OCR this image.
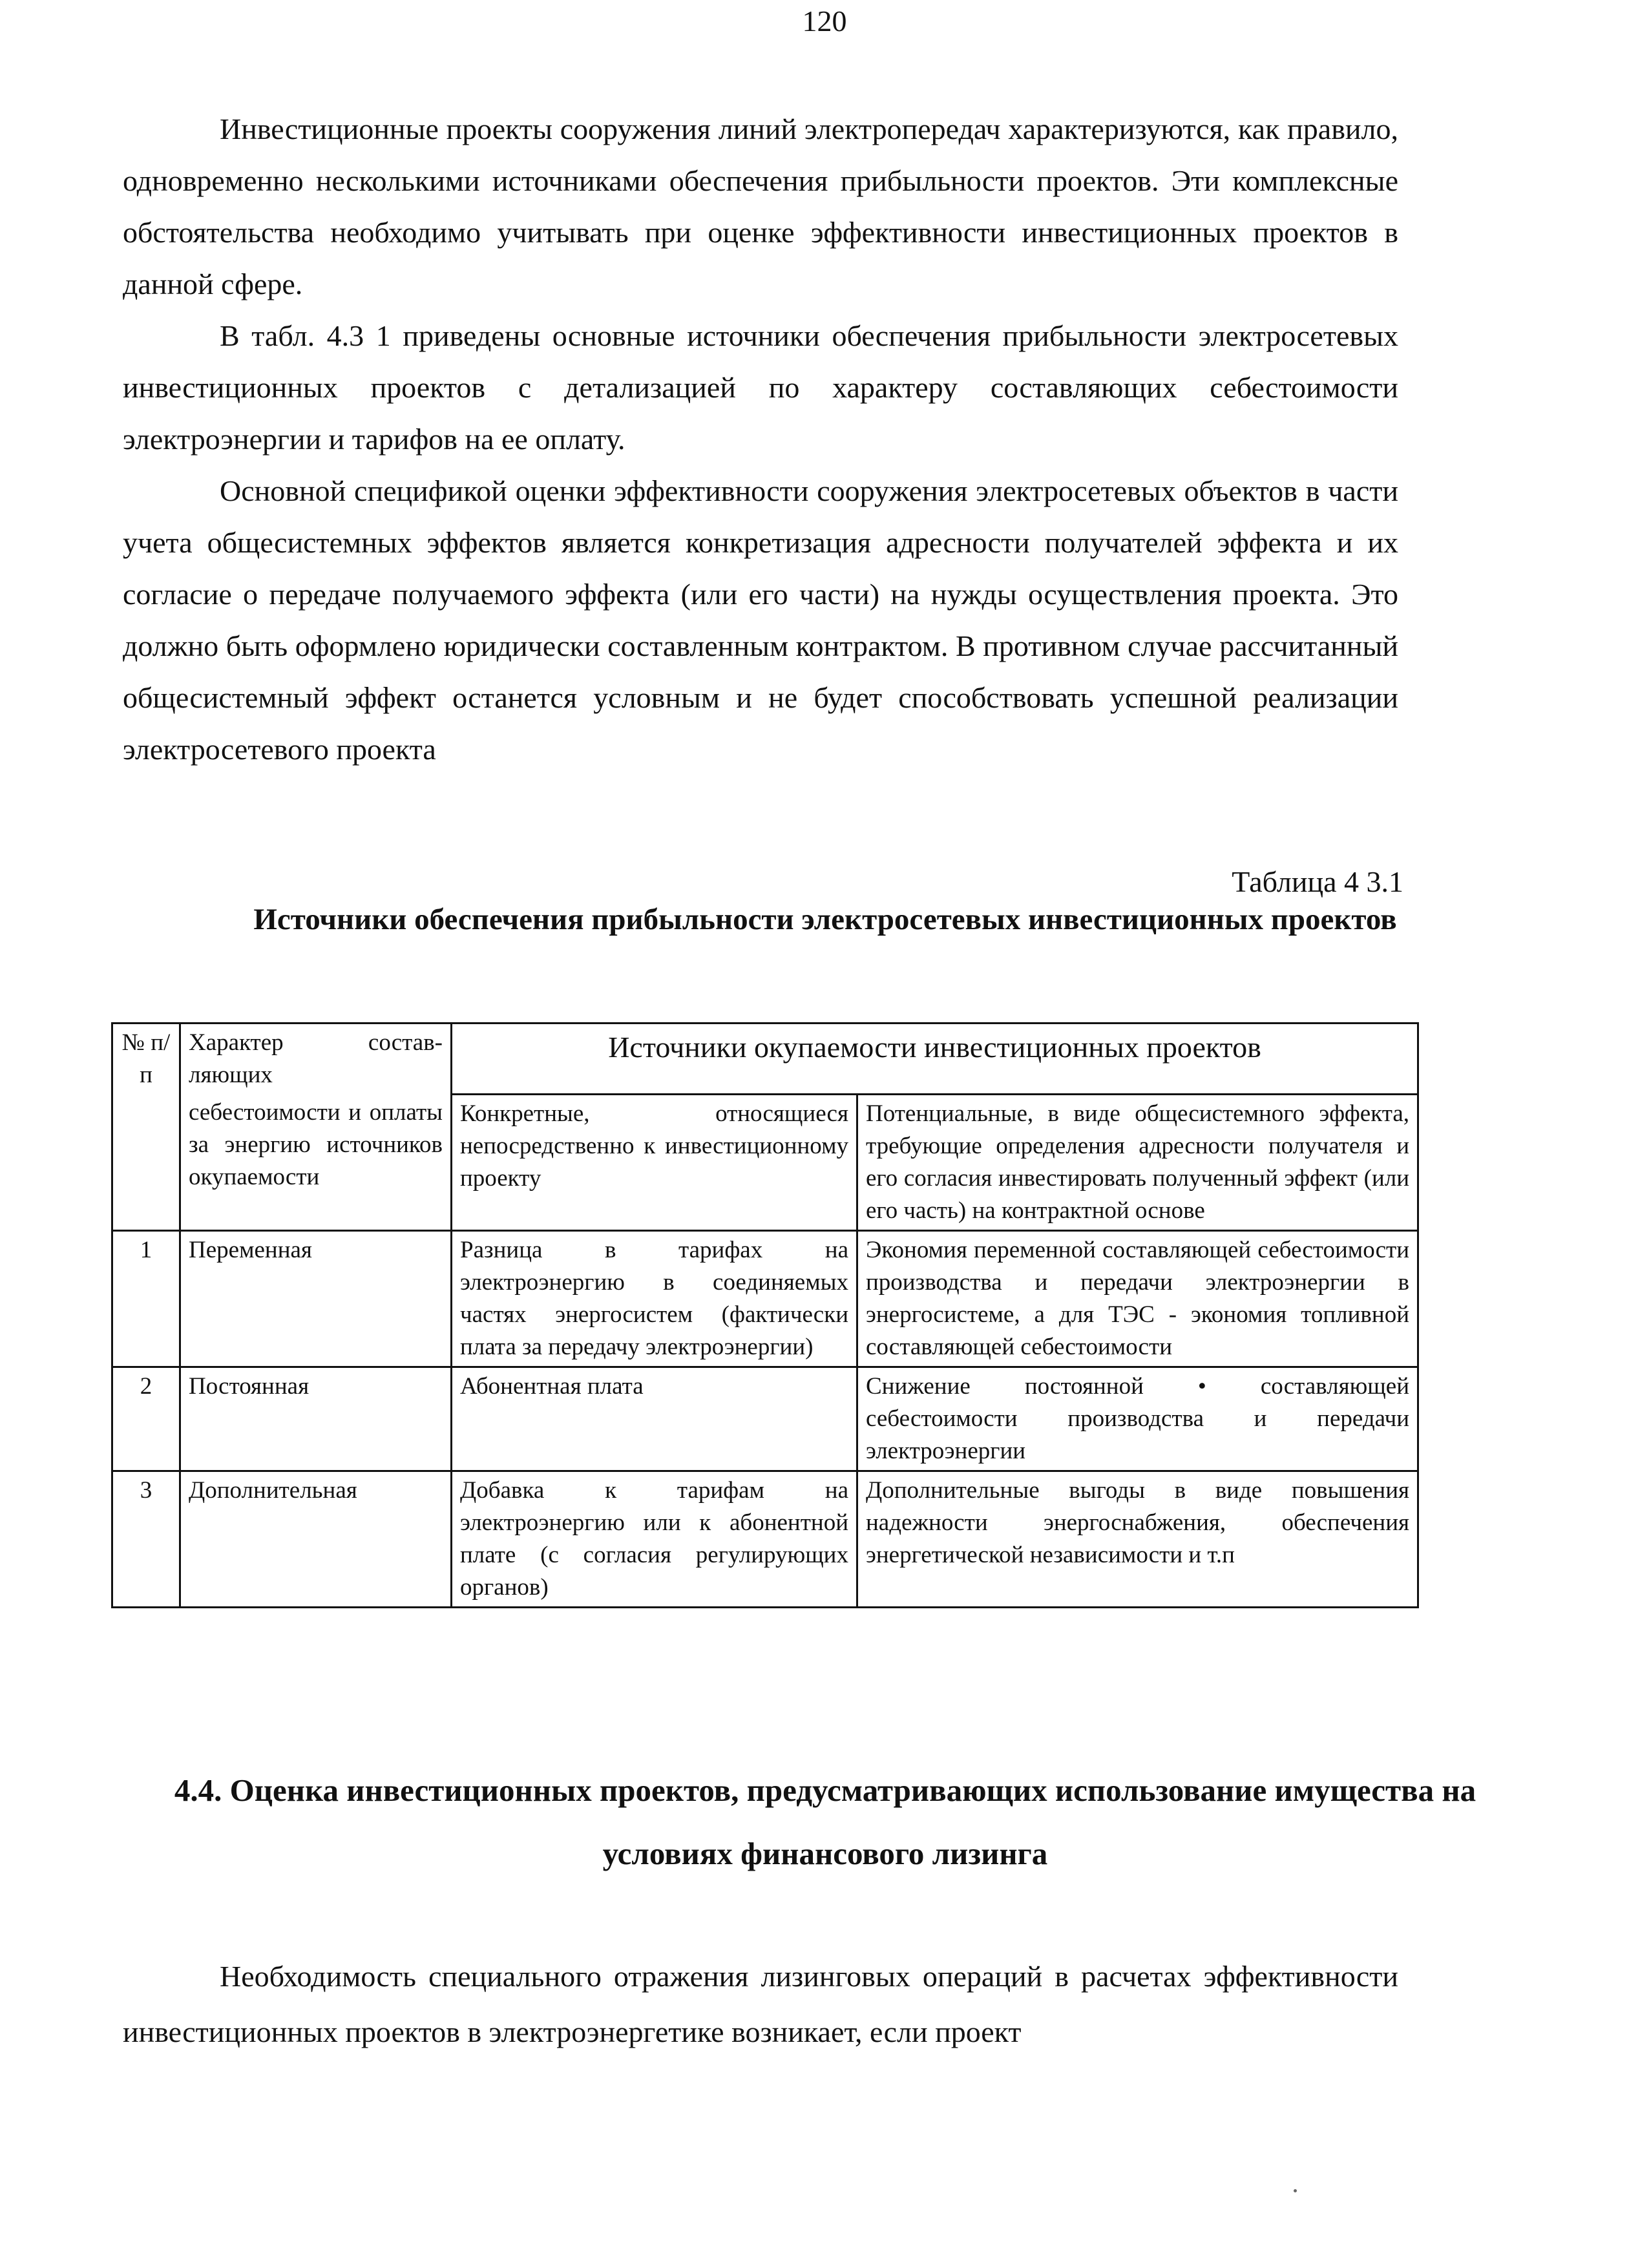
120

Инвестиционные проекты сооружения линий электропередач характеризуются, как правило, одновременно несколькими источниками обеспечения прибыльности проектов. Эти комплексные обстоятельства необходимо учитывать при оценке эффективности инвестиционных проектов в данной сфере.

В табл. 4.3 1 приведены основные источники обеспечения прибыльности электросетевых инвестиционных проектов с детализацией по характеру составляющих себестоимости электроэнергии и тарифов на ее оплату.

Основной спецификой оценки эффективности сооружения электросетевых объектов в части учета общесистемных эффектов является конкретизация адресности получателей эффекта и их согласие о передаче получаемого эффекта (или его части) на нужды осуществления проекта. Это должно быть оформлено юридически составленным контрактом. В противном случае рассчитанный общесистемный эффект останется условным и не будет способствовать успешной реализации электросетевого проекта

Таблица 4 3.1

Источники обеспечения прибыльности электросетевых инвестиционных проектов

№ п/п	Характер состав- ляющих	Источники окупаемости инвестиционных проектов	
	себестоимости и оплаты за энергию источников окупаемости	Конкретные, относящиеся непосредственно к инвестиционному проекту	Потенциальные, в виде общесистемного эффекта, требующие определения адресности получателя и его согласия инвестировать полученный эффект (или его часть) на контрактной основе
1	Переменная	Разница в тарифах на электроэнергию в соединяемых частях энергосистем (фактически плата за передачу электроэнергии)	Экономия переменной составляющей себестоимости производства и передачи электроэнергии в энергосистеме, а для ТЭС - экономия топливной составляющей себестоимости
2	Постоянная	Абонентная плата	Снижение постоянной • составляющей себестоимости производства и передачи электроэнергии
3	Дополнительная	Добавка к тарифам на электроэнергию или к абонентной плате (с согласия регулирующих органов)	Дополнительные выгоды в виде повышения надежности энергоснабжения, обеспечения энергетической независимости и т.п
4.4. Оценка инвестиционных проектов, предусматривающих использование имущества на условиях финансового лизинга

Необходимость специального отражения лизинговых операций в расчетах эффективности инвестиционных проектов в электроэнергетике возникает, если проект
